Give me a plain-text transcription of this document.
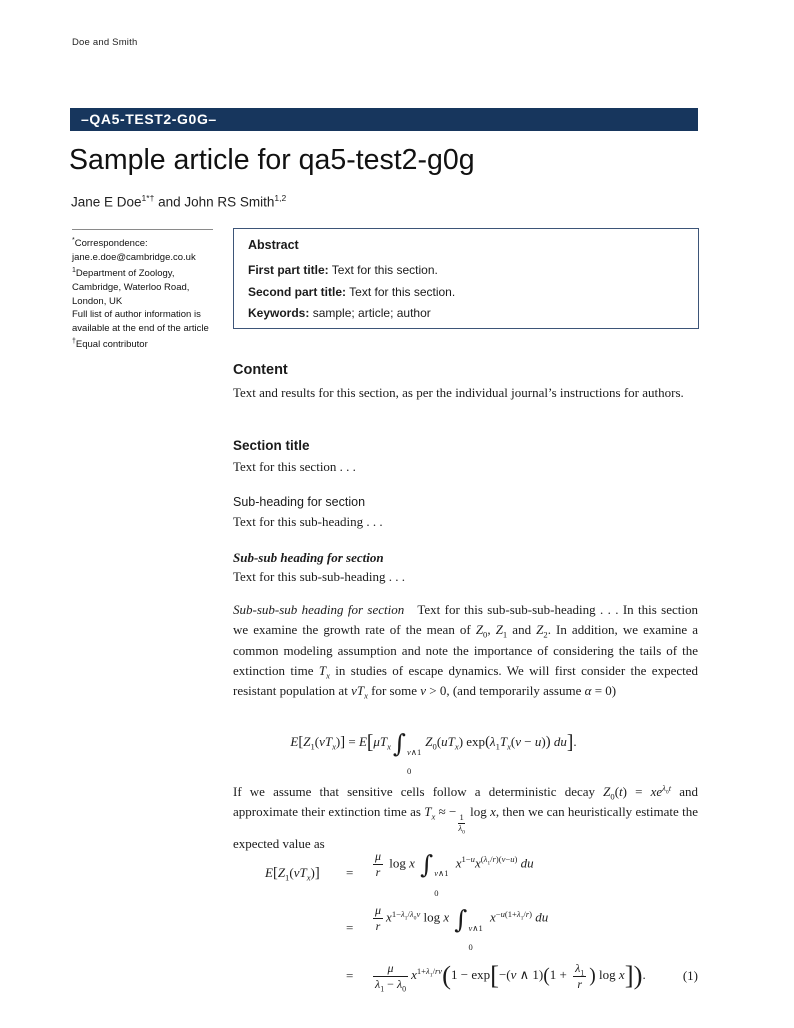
Doe and Smith
–QA5-TEST2-G0G–
Sample article for qa5-test2-g0g
Jane E Doe$^{1*\dagger}$ and John RS Smith$^{1,2}$
*Correspondence:
jane.e.doe@cambridge.co.uk
$^1$Department of Zoology,
Cambridge, Waterloo Road,
London, UK
Full list of author information is
available at the end of the article
†Equal contributor

Abstract

First part title: Text for this section.
Second part title: Text for this section.
Keywords: sample; article; author
Content

Text and results for this section, as per the individual journal’s instructions for authors.

Section title

Text for this section . . .

Sub-heading for section

Text for this sub-heading . . .

Sub-sub heading for section

Text for this sub-sub-heading . . .

Sub-sub-sub heading for section   Text for this sub-sub-sub-heading . . . In this section we examine the growth rate of the mean of $Z_0$, $Z_1$ and $Z_2$. In addition, we examine a common modeling assumption and note the importance of considering the tails of the extinction time $T_x$ in studies of escape dynamics. We will first consider the expected resistant population at $vT_x$ for some v > 0, (and temporarily assume α = 0)

$E[Z_1(vT_x)] = E[\mu T_x\int$ v∧1
0
$Z_0(uT_x) \exp(\lambda_1T_x(v - u))$ du].

If we assume that sensitive cells follow a deterministic decay $Z_0(t) = xe^{\lambda_0t}$ and approximate their extinction time as $T_x$ ≈ −
$\frac{1}{\lambda_0}$
log x, then we can heuristically estimate the expected value as

$E[Z_1(vT_x)]$	=	$\frac{\mu}{r}$ log x ∫ v∧1
0
$x^{1-u}x^{(\lambda_1/r)(v-u)}$ du
=	$\frac{\mu}{r} x^{1-\lambda_1/\lambda_0v}$ log x ∫ v∧1
0
$x^{-u(1+\lambda_1/r)}$ du
=	$\frac{\mu}{\lambda_1 - \lambda_0} x^{1+\lambda_1/rv}(1 - \exp[-(v$ ∧ $1)(1 + \frac{\lambda_1}{r}$ ) log x]).	(1)
